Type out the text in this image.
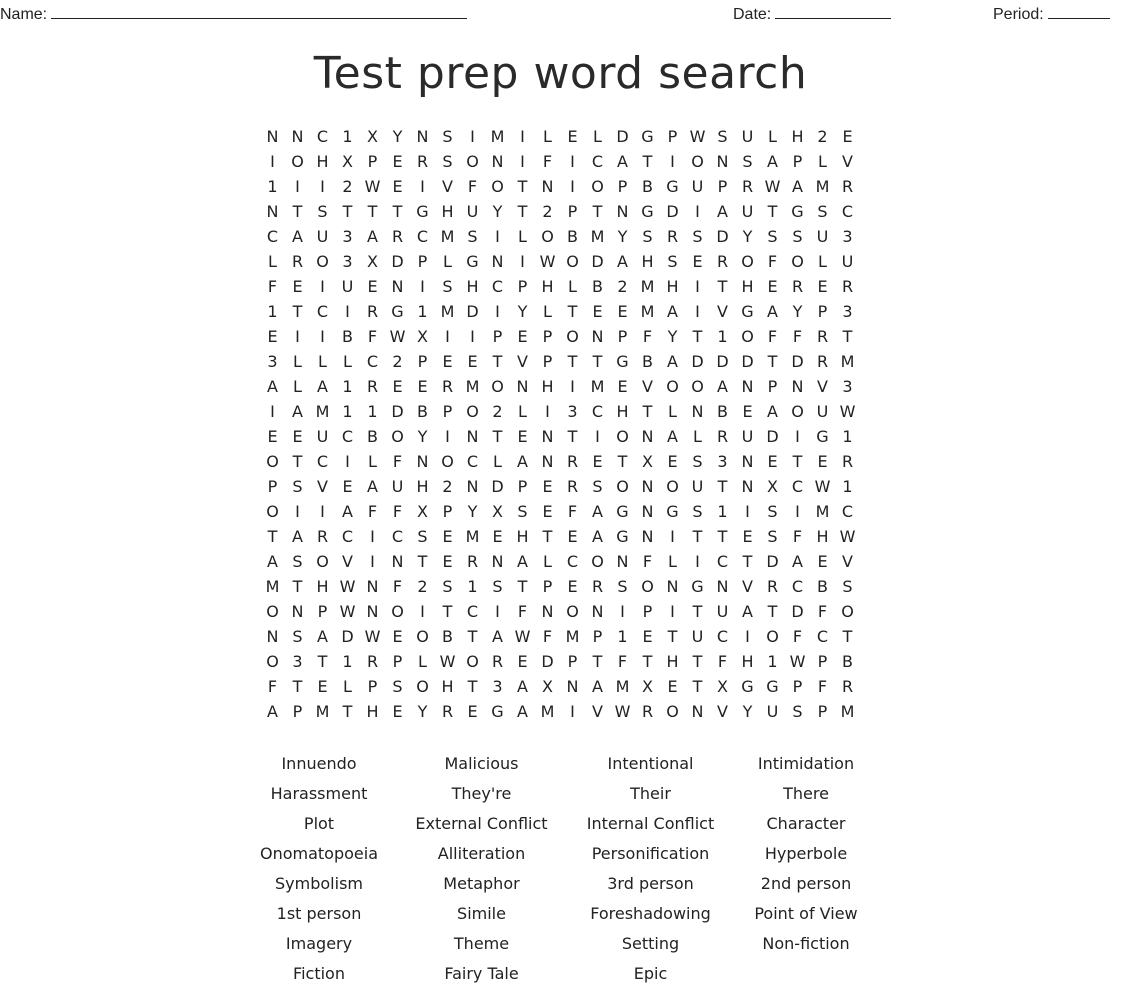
Name:	Date:	Period:
Test prep word search
N N C 1 X Y N S	I M I	L E L D G P W S U L H 2 E
I	O H X P E R S O N	I	F	I	C A T	I	O N S A P L V
1	I	I	2 W E	I	V F O T N	I	O P B G U P R W A M R
N T S T T T G H U Y T 2 P T N G D	I	A U T G S C
C A U 3 A R C M S	I	L O B M Y S R S D Y S S U 3
L R O 3 X D P L G N	I W O D A H S E R O F O L U
F E	I	U E N	I	S H C P H L B 2 M H	I	T H E R E R
1 T C	I	R G 1 M D	I	Y L T E E M A	I	V G A Y P 3
E	I	I	B F W X	I	I	P E P O N P F Y T 1 O F F R T
3 L	L	L C 2 P E E T V P T T G B A D D D T D R M
A L A 1 R E E R M O N H	I M E V O O A N P N V 3
I	A M 1 1 D B P O 2 L	I	3 C H T L N B E A O U W
E E U C B O Y	I	N T E N T	I	O N A L R U D	I	G 1
O T C	I	L F N O C L A N R E T X E S 3 N E T E R
P S V E A U H 2 N D P E R S O N O U T N X C W 1
O	I	I	A F F X P Y X S E F A G N G S 1	I	S	I M C
T A R C	I	C S E M E H T E A G N	I	T T E S F H W
A S O V	I	N T E R N A L C O N F L	I	C T D A E V
M T H W N F 2 S 1 S T P E R S O N G N V R C B S
O N P W N O	I	T C	I	F N O N	I	P	I	T U A T D F O
N S A D W E O B T A W F M P 1 E T U C	I	O F C T
O 3 T 1 R P L W O R E D P T F T H T F H 1 W P B
F T E L P S O H T 3 A X N A M X E T X G G P F R
A P M T H E Y R E G A M I	V W R O N V Y U S P M
Innuendo	Malicious	Intentional	Intimidation
Harassment	They're	Their	There
Plot	External Conflict	Internal Conflict	Character
Onomatopoeia	Alliteration	Personification	Hyperbole
Symbolism	Metaphor	3rd person	2nd person
1st person	Simile	Foreshadowing	Point of View
Imagery	Theme	Setting	Non-fiction
Fiction	Fairy Tale	Epic
